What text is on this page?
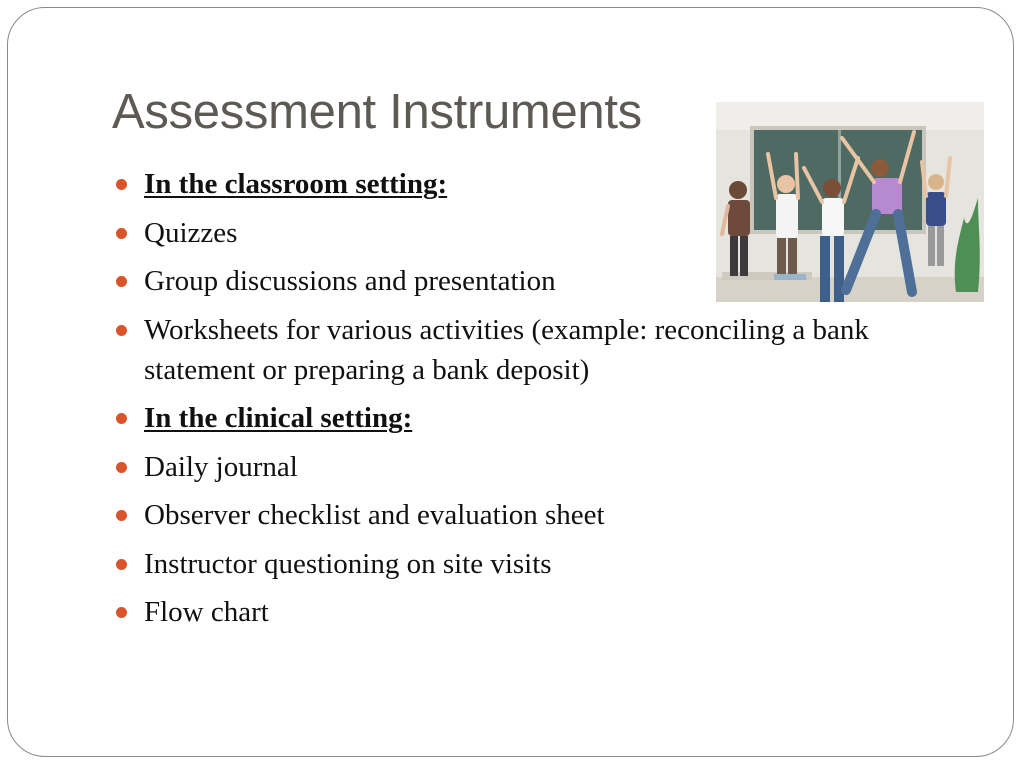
Assessment Instruments
In the classroom setting:
Quizzes
Group discussions and presentation
Worksheets for various activities (example: reconciling a bank statement or preparing a bank deposit)
In the clinical setting:
Daily journal
Observer checklist and evaluation sheet
Instructor questioning on site visits
Flow chart
